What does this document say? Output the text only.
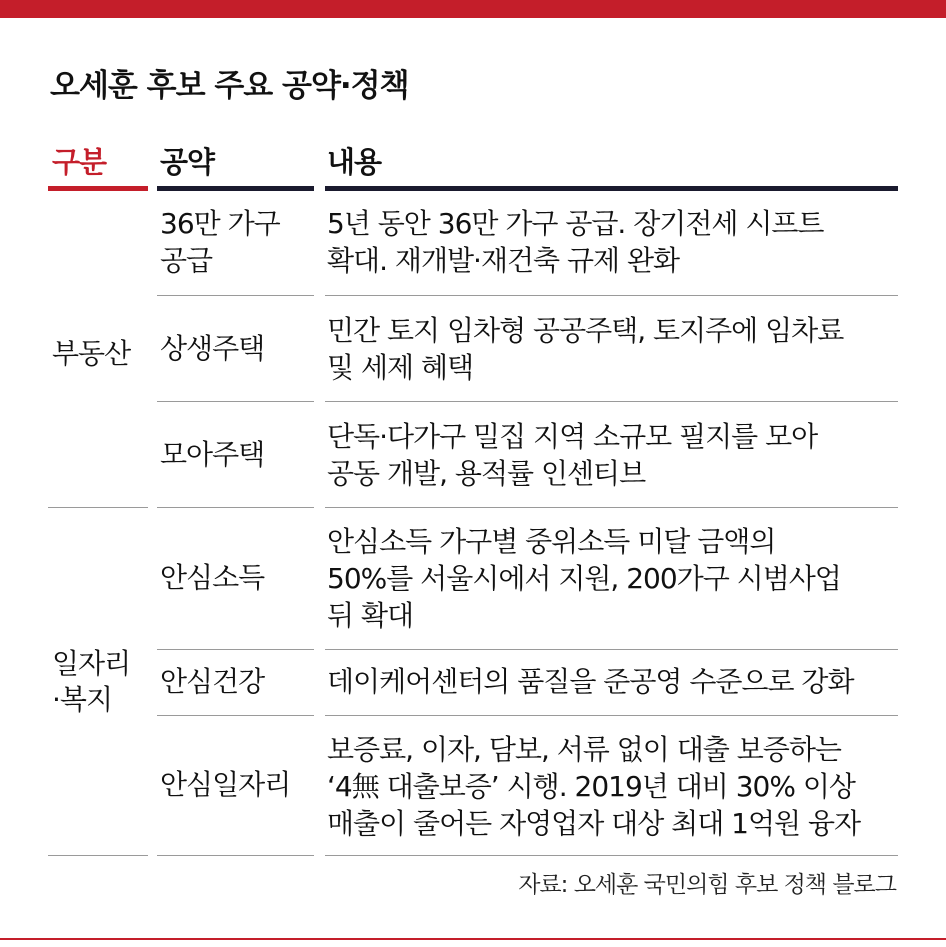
오세훈 후보 주요 공약·정책
구분 공약	내용
부동산
일자리
·복지
36만 가구
공급
5년 동안 36만 가구 공급. 장기전세 시프트
확대. 재개발·재건축 규제 완화
상생주택
민간 토지 임차형 공공주택, 토지주에 임차료
및 세제 혜택
모아주택
단독·다가구 밀집 지역 소규모 필지를 모아
공동 개발, 용적률 인센티브
안심소득
안심소득 가구별 중위소득 미달 금액의
50%를 서울시에서 지원, 200가구 시범사업
뒤 확대
안심건강 데이케어센터의 품질을 준공영 수준으로 강화
안심일자리
보증료, 이자, 담보, 서류 없이 대출 보증하는
‘4無 대출보증’ 시행. 2019년 대비 30% 이상
매출이 줄어든 자영업자 대상 최대 1억원 융자
자료: 오세훈 국민의힘 후보 정책 블로그
